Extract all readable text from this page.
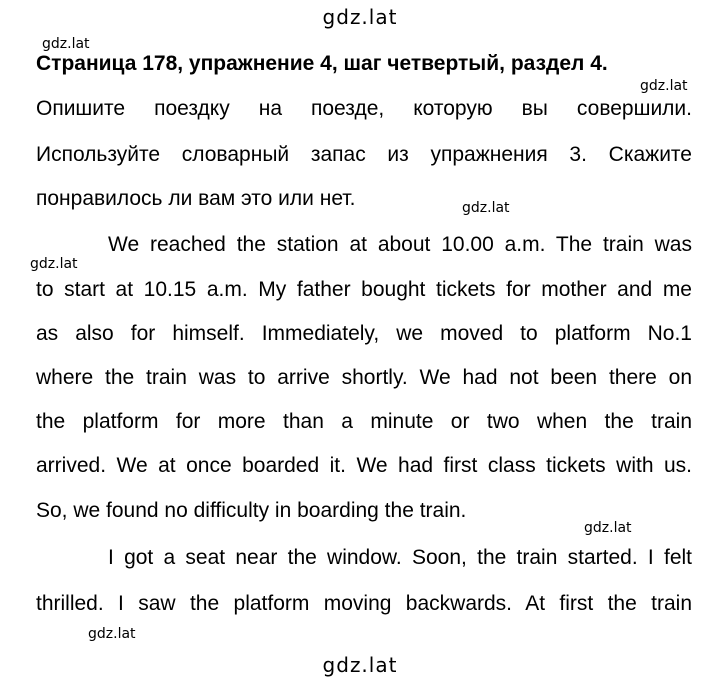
gdz.lat
gdz.lat
gdz.lat
gdz.lat
gdz.lat
gdz.lat
gdz.lat
gdz.lat
Страница 178, упражнение 4, шаг четвертый, раздел 4.
Опишите поездку на поезде, которую вы совершили.
Используйте словарный запас из упражнения 3. Скажите
понравилось ли вам это или нет.
We reached the station at about 10.00 a.m. The train was
to start at 10.15 a.m. My father bought tickets for mother and me
as also for himself. Immediately, we moved to platform No.1
where the train was to arrive shortly. We had not been there on
the platform for more than a minute or two when the train
arrived. We at once boarded it. We had first class tickets with us.
So, we found no difficulty in boarding the train.
I got a seat near the window. Soon, the train started. I felt
thrilled. I saw the platform moving backwards. At first the train
